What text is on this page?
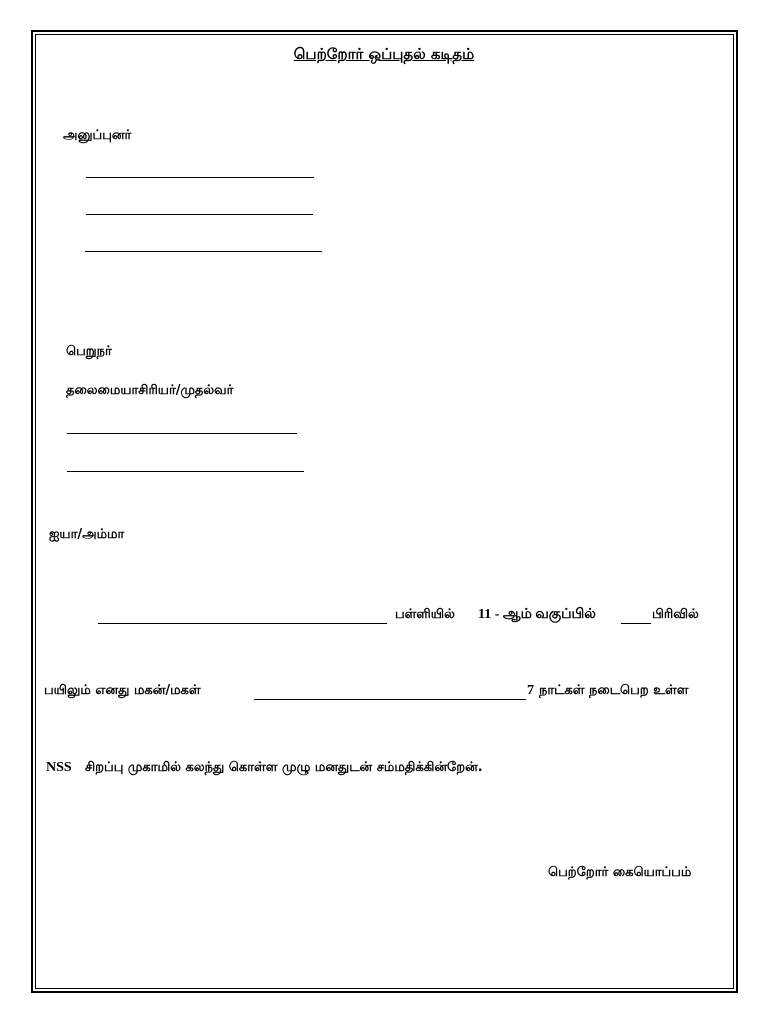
பெற்றோர் ஒப்புதல் கடிதம்
அனுப்புனர்
பெறுநர்
தலைமையாசிரியர்/முதல்வர்
ஐயா/அம்மா
பள்ளியில் 11 - ஆம் வகுப்பில்	பிரிவில்
பயிலும் எனது மகன்/மகள்	7 நாட்கள் நடைபெற உள்ள
NSS சிறப்பு முகாமில் கலந்து கொள்ள முழு மனதுடன் சம்மதிக்கின்றேன்.
பெற்றோர் கையொப்பம்
